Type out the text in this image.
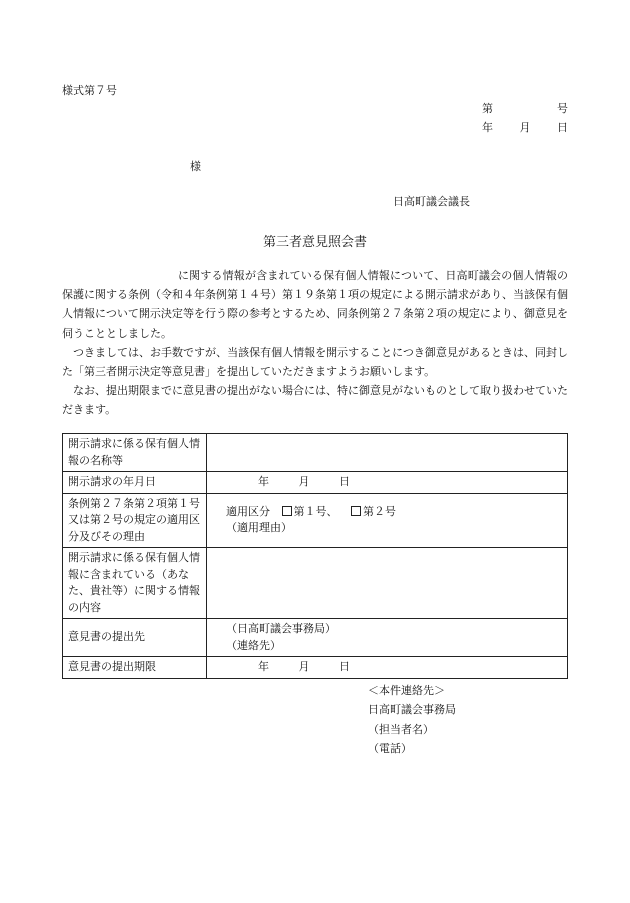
様式第７号
第	号
年 月 日
様
日高町議会議長
第三者意見照会書

に関する情報が含まれている保有個人情報について、日高町議会の個人情報の保護に関する条例（令和４年条例第１４号）第１９条第１項の規定による開示請求があり、当該保有個人情報について開示決定等を行う際の参考とするため、同条例第２７条第２項の規定により、御意見を伺うこととしました。

つきましては、お手数ですが、当該保有個人情報を開示することにつき御意見があるときは、同封した「第三者開示決定等意見書」を提出していただきますようお願いします。

なお、提出期限までに意見書の提出がない場合には、特に御意見がないものとして取り扱わせていただきます。

開示請求に係る保有個人情報の名称等	
開示請求の年月日	年 月 日
条例第２７条第２項第１号又は第２号の規定の適用区分及びその理由	適用区分 第１号、 第２号
（適用理由）

開示請求に係る保有個人情報に含まれている（あなた、貴社等）に関する情報の内容	
意見書の提出先	（日高町議会事務局）
（連絡先）

意見書の提出期限	年 月 日
＜本件連絡先＞
日高町議会事務局
（担当者名）
（電話）
